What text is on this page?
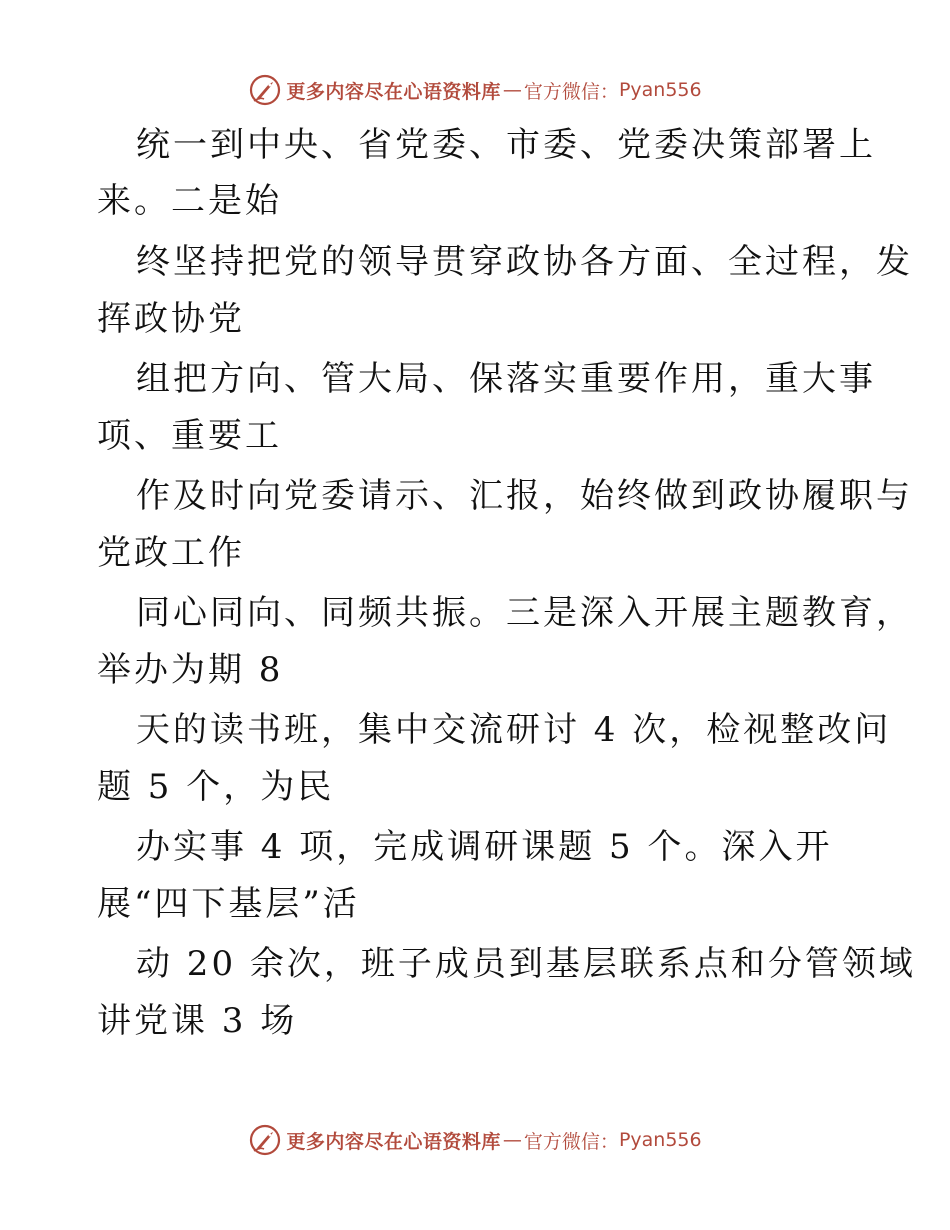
更多内容尽在心语资料库 — 官方微信： Pyan556
统一到中央、省党委、市委、党委决策部署上
来。二是始
终坚持把党的领导贯穿政协各方面、全过程，发
挥政协党
组把方向、管大局、保落实重要作用，重大事
项、重要工
作及时向党委请示、汇报，始终做到政协履职与
党政工作
同心同向、同频共振。三是深入开展主题教育，
举办为期 8
天的读书班，集中交流研讨 4 次，检视整改问
题 5 个，为民
办实事 4 项，完成调研课题 5 个。深入开
展“四下基层”活
动 20 余次，班子成员到基层联系点和分管领域
讲党课 3 场
更多内容尽在心语资料库 — 官方微信： Pyan556
